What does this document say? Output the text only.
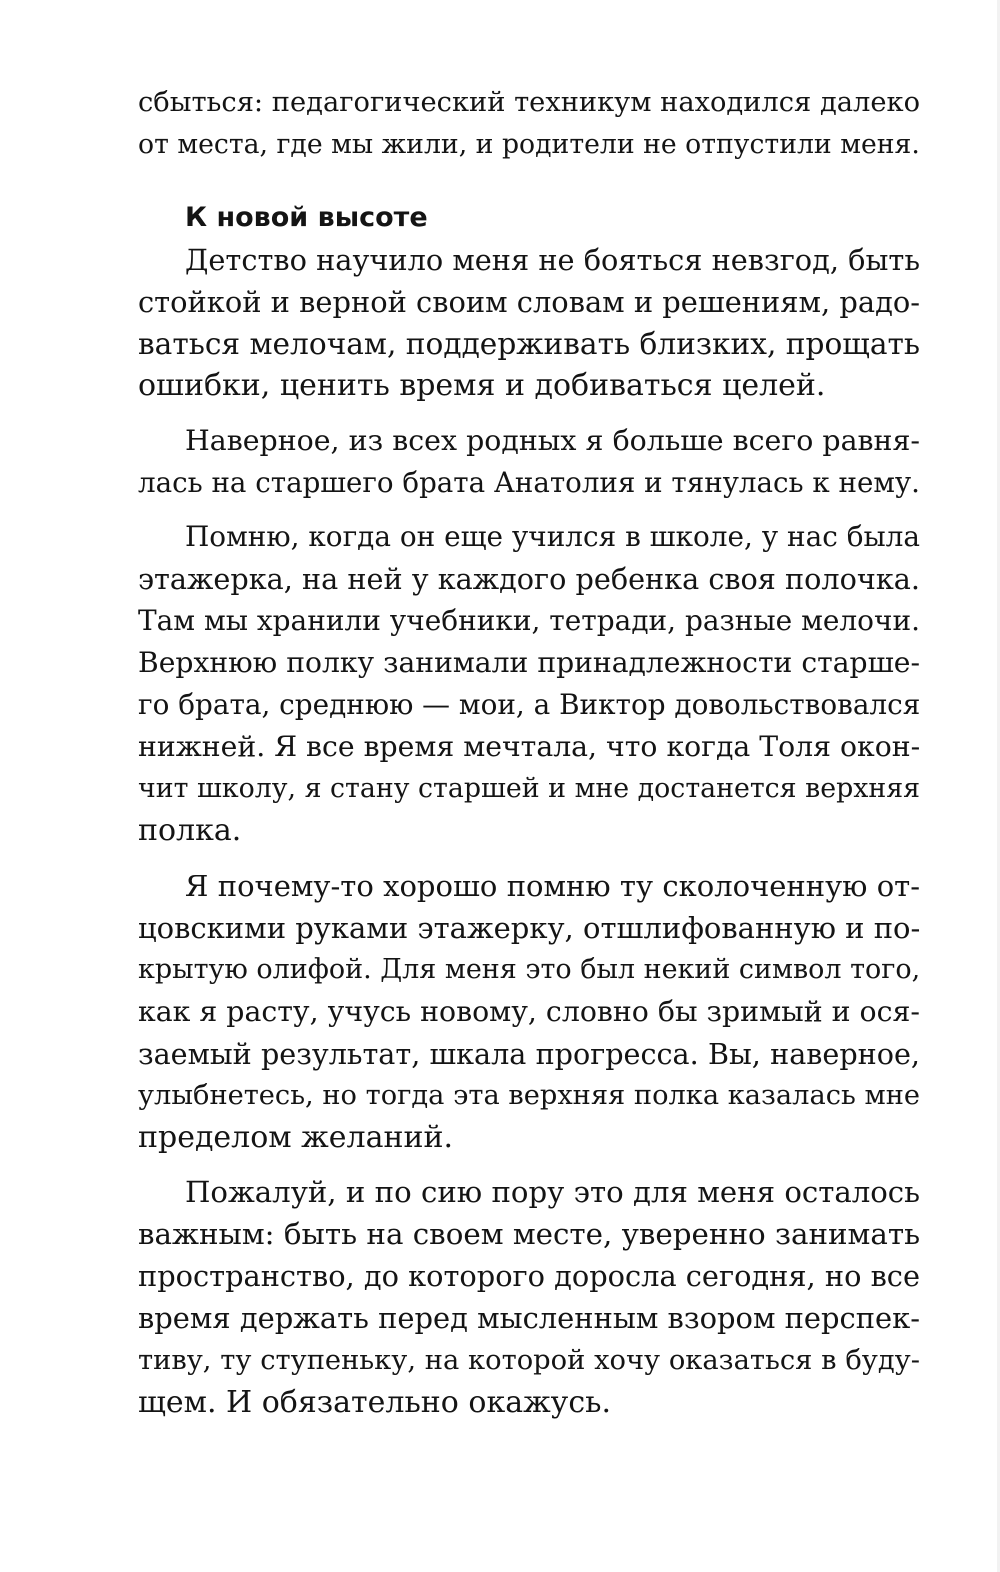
сбыться: педагогический техникум находился далеко
от места, где мы жили, и родители не отпустили меня.
К новой высоте
Детство научило меня не бояться невзгод, быть
стойкой и верной своим словам и решениям, радо-
ваться мелочам, поддерживать близких, прощать
ошибки, ценить время и добиваться целей.
Наверное, из всех родных я больше всего равня-
лась на старшего брата Анатолия и тянулась к нему.
Помню, когда он еще учился в школе, у нас была
этажерка, на ней у каждого ребенка своя полочка.
Там мы хранили учебники, тетради, разные мелочи.
Верхнюю полку занимали принадлежности старше-
го брата, среднюю — мои, а Виктор довольствовался
нижней. Я все время мечтала, что когда Толя окон-
чит школу, я стану старшей и мне достанется верхняя
полка.
Я почему-то хорошо помню ту сколоченную от-
цовскими руками этажерку, отшлифованную и по-
крытую олифой. Для меня это был некий символ того,
как я расту, учусь новому, словно бы зримый и ося-
заемый результат, шкала прогресса. Вы, наверное,
улыбнетесь, но тогда эта верхняя полка казалась мне
пределом желаний.
Пожалуй, и по сию пору это для меня осталось
важным: быть на своем месте, уверенно занимать
пространство, до которого доросла сегодня, но все
время держать перед мысленным взором перспек-
тиву, ту ступеньку, на которой хочу оказаться в буду-
щем. И обязательно окажусь.
